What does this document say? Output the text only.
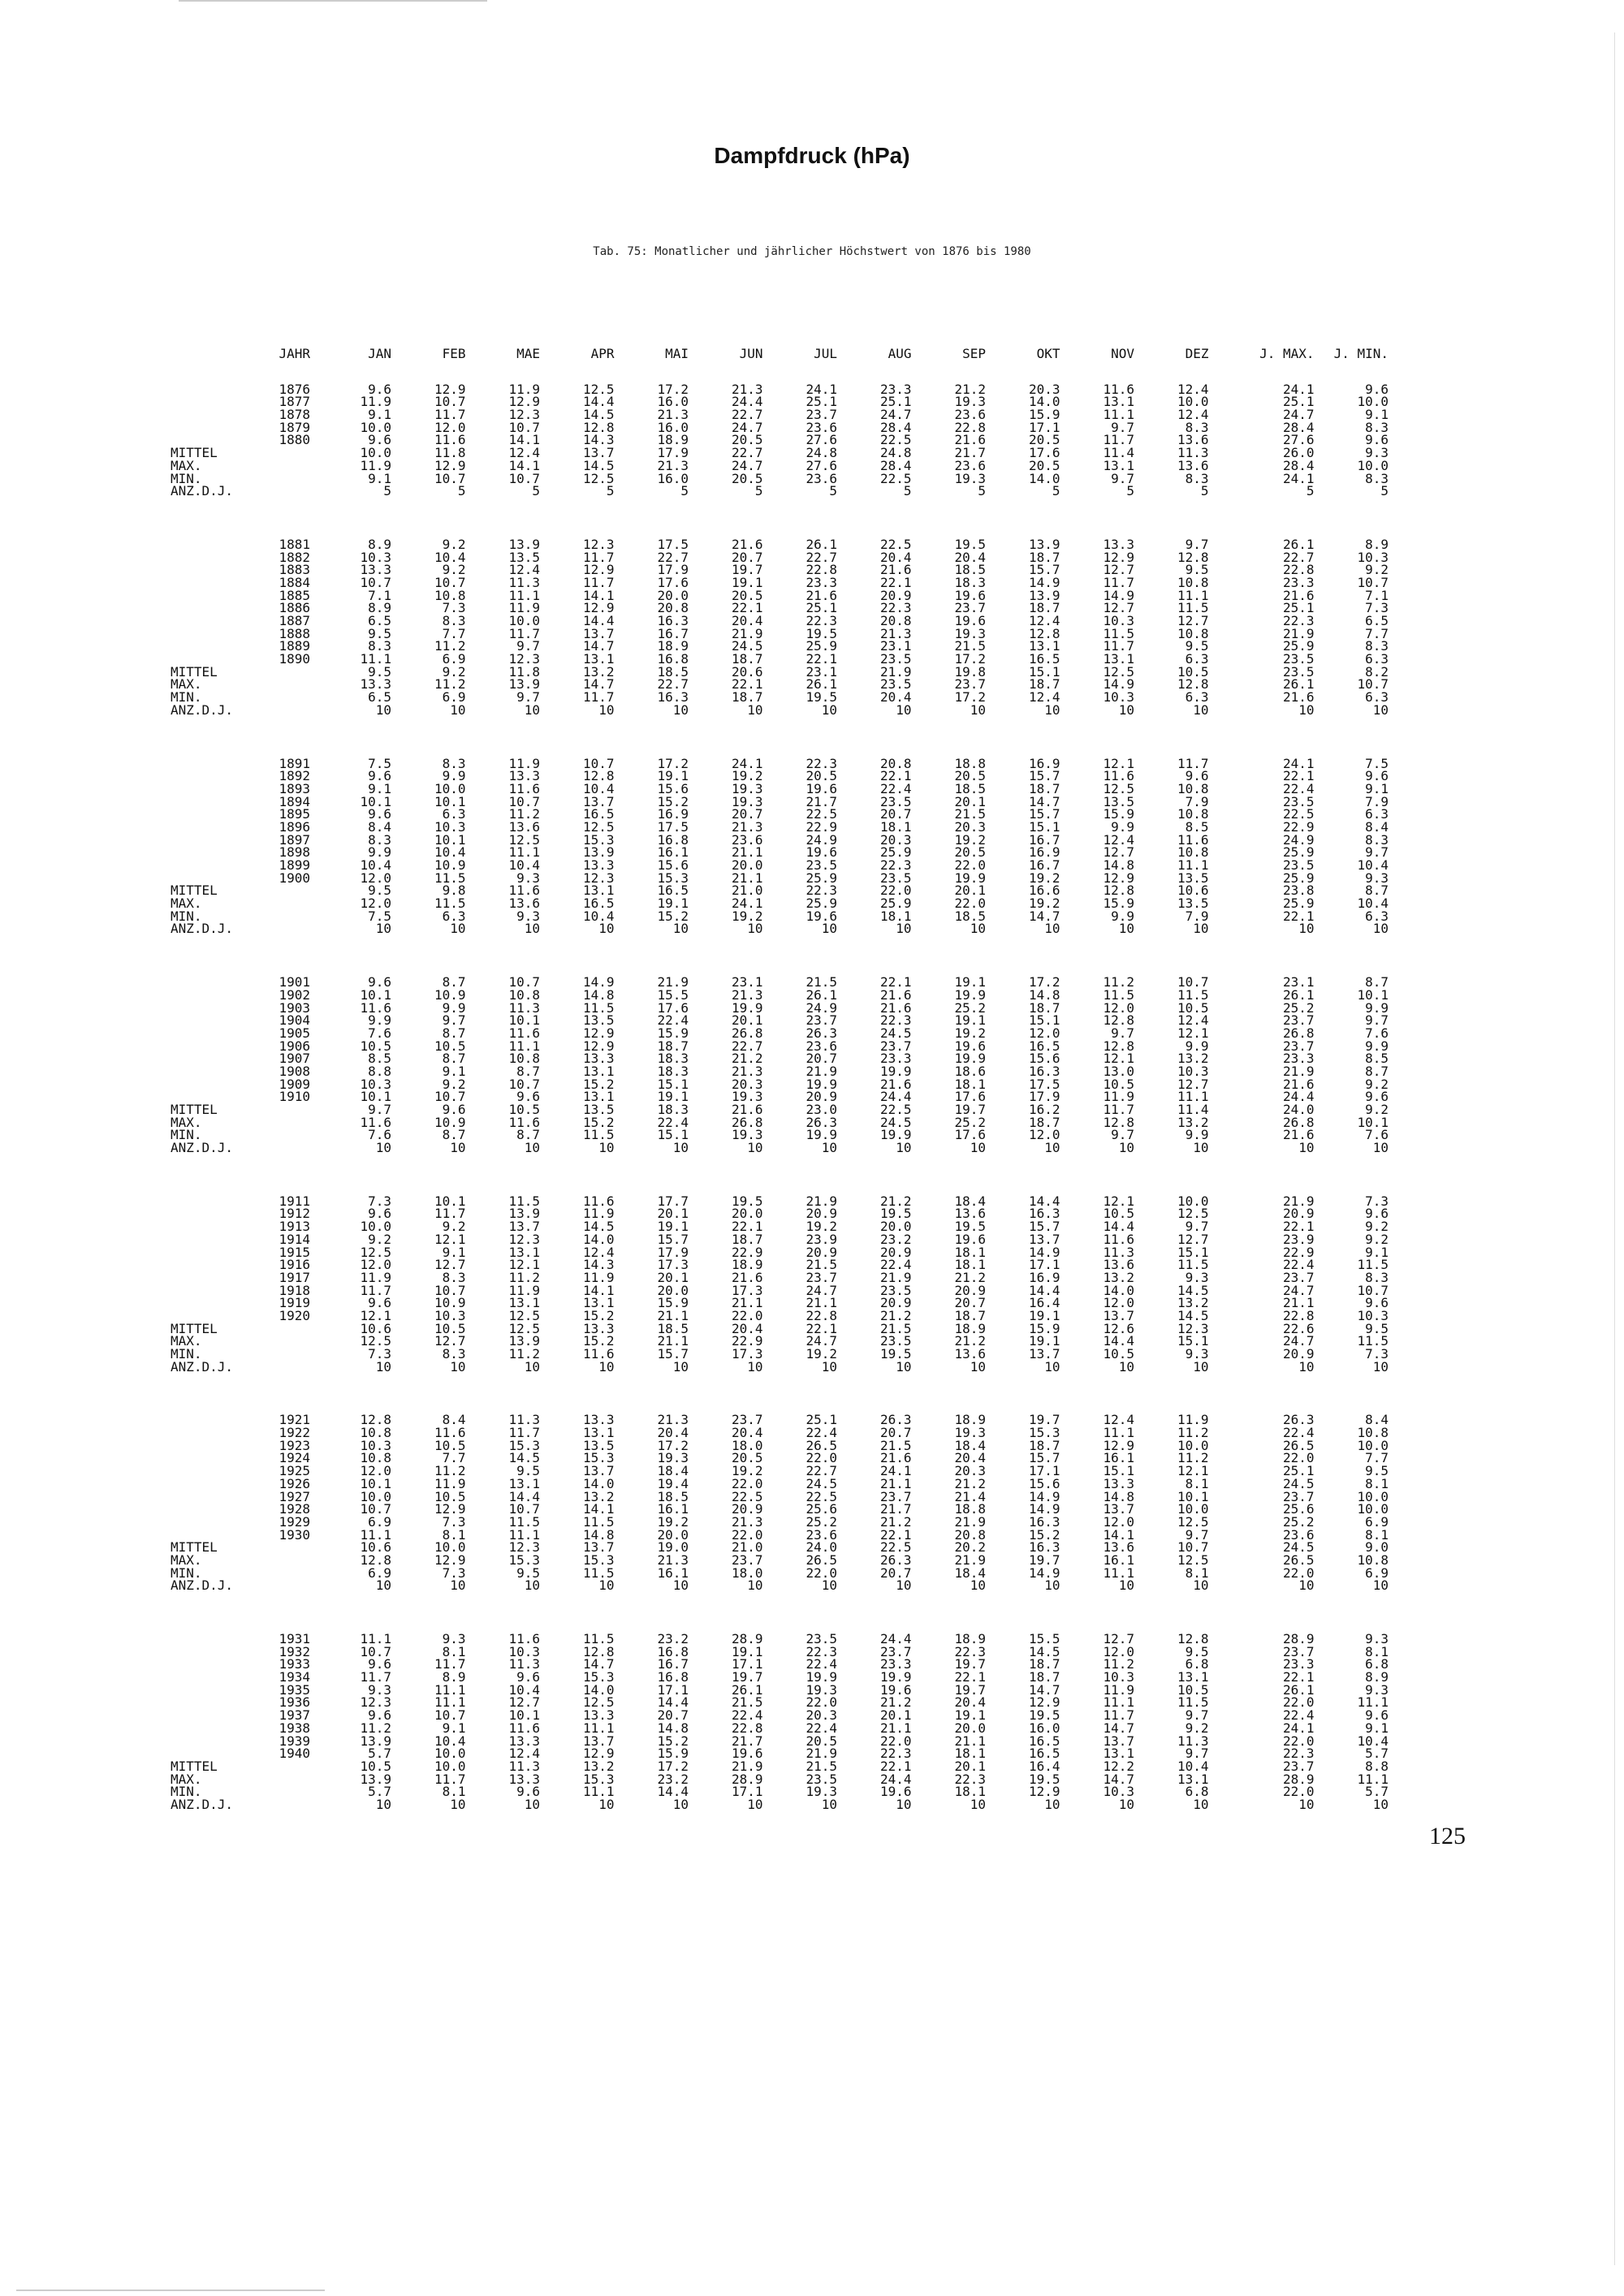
Dampfdruck (hPa)
Tab. 75: Monatlicher und jährlicher Höchstwert von 1876 bis 1980
JAHR	JAN	FEB	MAE	APR	MAI	JUN	JUL	AUG	SEP	OKT	NOV	DEZ	J. MAX.	J. MIN.
1876	9.6	12.9	11.9	12.5	17.2	21.3	24.1	23.3	21.2	20.3	11.6	12.4	24.1	9.6
1877	11.9	10.7	12.9	14.4	16.0	24.4	25.1	25.1	19.3	14.0	13.1	10.0	25.1	10.0
1878	9.1	11.7	12.3	14.5	21.3	22.7	23.7	24.7	23.6	15.9	11.1	12.4	24.7	9.1
1879	10.0	12.0	10.7	12.8	16.0	24.7	23.6	28.4	22.8	17.1	9.7	8.3	28.4	8.3
1880	9.6	11.6	14.1	14.3	18.9	20.5	27.6	22.5	21.6	20.5	11.7	13.6	27.6	9.6
MITTEL	10.0	11.8	12.4	13.7	17.9	22.7	24.8	24.8	21.7	17.6	11.4	11.3	26.0	9.3
MAX.	11.9	12.9	14.1	14.5	21.3	24.7	27.6	28.4	23.6	20.5	13.1	13.6	28.4	10.0
MIN.	9.1	10.7	10.7	12.5	16.0	20.5	23.6	22.5	19.3	14.0	9.7	8.3	24.1	8.3
ANZ.D.J.	5	5	5	5	5	5	5	5	5	5	5	5	5	5
1881	8.9	9.2	13.9	12.3	17.5	21.6	26.1	22.5	19.5	13.9	13.3	9.7	26.1	8.9
1882	10.3	10.4	13.5	11.7	22.7	20.7	22.7	20.4	20.4	18.7	12.9	12.8	22.7	10.3
1883	13.3	9.2	12.4	12.9	17.9	19.7	22.8	21.6	18.5	15.7	12.7	9.5	22.8	9.2
1884	10.7	10.7	11.3	11.7	17.6	19.1	23.3	22.1	18.3	14.9	11.7	10.8	23.3	10.7
1885	7.1	10.8	11.1	14.1	20.0	20.5	21.6	20.9	19.6	13.9	14.9	11.1	21.6	7.1
1886	8.9	7.3	11.9	12.9	20.8	22.1	25.1	22.3	23.7	18.7	12.7	11.5	25.1	7.3
1887	6.5	8.3	10.0	14.4	16.3	20.4	22.3	20.8	19.6	12.4	10.3	12.7	22.3	6.5
1888	9.5	7.7	11.7	13.7	16.7	21.9	19.5	21.3	19.3	12.8	11.5	10.8	21.9	7.7
1889	8.3	11.2	9.7	14.7	18.9	24.5	25.9	23.1	21.5	13.1	11.7	9.5	25.9	8.3
1890	11.1	6.9	12.3	13.1	16.8	18.7	22.1	23.5	17.2	16.5	13.1	6.3	23.5	6.3
MITTEL	9.5	9.2	11.8	13.2	18.5	20.6	23.1	21.9	19.8	15.1	12.5	10.5	23.5	8.2
MAX.	13.3	11.2	13.9	14.7	22.7	22.1	26.1	23.5	23.7	18.7	14.9	12.8	26.1	10.7
MIN.	6.5	6.9	9.7	11.7	16.3	18.7	19.5	20.4	17.2	12.4	10.3	6.3	21.6	6.3
ANZ.D.J.	10	10	10	10	10	10	10	10	10	10	10	10	10	10
1891	7.5	8.3	11.9	10.7	17.2	24.1	22.3	20.8	18.8	16.9	12.1	11.7	24.1	7.5
1892	9.6	9.9	13.3	12.8	19.1	19.2	20.5	22.1	20.5	15.7	11.6	9.6	22.1	9.6
1893	9.1	10.0	11.6	10.4	15.6	19.3	19.6	22.4	18.5	18.7	12.5	10.8	22.4	9.1
1894	10.1	10.1	10.7	13.7	15.2	19.3	21.7	23.5	20.1	14.7	13.5	7.9	23.5	7.9
1895	9.6	6.3	11.2	16.5	16.9	20.7	22.5	20.7	21.5	15.7	15.9	10.8	22.5	6.3
1896	8.4	10.3	13.6	12.5	17.5	21.3	22.9	18.1	20.3	15.1	9.9	8.5	22.9	8.4
1897	8.3	10.1	12.5	15.3	16.8	23.6	24.9	20.3	19.2	16.7	12.4	11.6	24.9	8.3
1898	9.9	10.4	11.1	13.9	16.1	21.1	19.6	25.9	20.5	16.9	12.7	10.8	25.9	9.7
1899	10.4	10.9	10.4	13.3	15.6	20.0	23.5	22.3	22.0	16.7	14.8	11.1	23.5	10.4
1900	12.0	11.5	9.3	12.3	15.3	21.1	25.9	23.5	19.9	19.2	12.9	13.5	25.9	9.3
MITTEL	9.5	9.8	11.6	13.1	16.5	21.0	22.3	22.0	20.1	16.6	12.8	10.6	23.8	8.7
MAX.	12.0	11.5	13.6	16.5	19.1	24.1	25.9	25.9	22.0	19.2	15.9	13.5	25.9	10.4
MIN.	7.5	6.3	9.3	10.4	15.2	19.2	19.6	18.1	18.5	14.7	9.9	7.9	22.1	6.3
ANZ.D.J.	10	10	10	10	10	10	10	10	10	10	10	10	10	10
1901	9.6	8.7	10.7	14.9	21.9	23.1	21.5	22.1	19.1	17.2	11.2	10.7	23.1	8.7
1902	10.1	10.9	10.8	14.8	15.5	21.3	26.1	21.6	19.9	14.8	11.5	11.5	26.1	10.1
1903	11.6	9.9	11.3	11.5	17.6	19.9	24.9	21.6	25.2	18.7	12.0	10.5	25.2	9.9
1904	9.9	9.7	10.1	13.5	22.4	20.1	23.7	22.3	19.1	15.1	12.8	12.4	23.7	9.7
1905	7.6	8.7	11.6	12.9	15.9	26.8	26.3	24.5	19.2	12.0	9.7	12.1	26.8	7.6
1906	10.5	10.5	11.1	12.9	18.7	22.7	23.6	23.7	19.6	16.5	12.8	9.9	23.7	9.9
1907	8.5	8.7	10.8	13.3	18.3	21.2	20.7	23.3	19.9	15.6	12.1	13.2	23.3	8.5
1908	8.8	9.1	8.7	13.1	18.3	21.3	21.9	19.9	18.6	16.3	13.0	10.3	21.9	8.7
1909	10.3	9.2	10.7	15.2	15.1	20.3	19.9	21.6	18.1	17.5	10.5	12.7	21.6	9.2
1910	10.1	10.7	9.6	13.1	19.1	19.3	20.9	24.4	17.6	17.9	11.9	11.1	24.4	9.6
MITTEL	9.7	9.6	10.5	13.5	18.3	21.6	23.0	22.5	19.7	16.2	11.7	11.4	24.0	9.2
MAX.	11.6	10.9	11.6	15.2	22.4	26.8	26.3	24.5	25.2	18.7	12.8	13.2	26.8	10.1
MIN.	7.6	8.7	8.7	11.5	15.1	19.3	19.9	19.9	17.6	12.0	9.7	9.9	21.6	7.6
ANZ.D.J.	10	10	10	10	10	10	10	10	10	10	10	10	10	10
1911	7.3	10.1	11.5	11.6	17.7	19.5	21.9	21.2	18.4	14.4	12.1	10.0	21.9	7.3
1912	9.6	11.7	13.9	11.9	20.1	20.0	20.9	19.5	13.6	16.3	10.5	12.5	20.9	9.6
1913	10.0	9.2	13.7	14.5	19.1	22.1	19.2	20.0	19.5	15.7	14.4	9.7	22.1	9.2
1914	9.2	12.1	12.3	14.0	15.7	18.7	23.9	23.2	19.6	13.7	11.6	12.7	23.9	9.2
1915	12.5	9.1	13.1	12.4	17.9	22.9	20.9	20.9	18.1	14.9	11.3	15.1	22.9	9.1
1916	12.0	12.7	12.1	14.3	17.3	18.9	21.5	22.4	18.1	17.1	13.6	11.5	22.4	11.5
1917	11.9	8.3	11.2	11.9	20.1	21.6	23.7	21.9	21.2	16.9	13.2	9.3	23.7	8.3
1918	11.7	10.7	11.9	14.1	20.0	17.3	24.7	23.5	20.9	14.4	14.0	14.5	24.7	10.7
1919	9.6	10.9	13.1	13.1	15.9	21.1	21.1	20.9	20.7	16.4	12.0	13.2	21.1	9.6
1920	12.1	10.3	12.5	15.2	21.1	22.0	22.8	21.2	18.7	19.1	13.7	14.5	22.8	10.3
MITTEL	10.6	10.5	12.5	13.3	18.5	20.4	22.1	21.5	18.9	15.9	12.6	12.3	22.6	9.5
MAX.	12.5	12.7	13.9	15.2	21.1	22.9	24.7	23.5	21.2	19.1	14.4	15.1	24.7	11.5
MIN.	7.3	8.3	11.2	11.6	15.7	17.3	19.2	19.5	13.6	13.7	10.5	9.3	20.9	7.3
ANZ.D.J.	10	10	10	10	10	10	10	10	10	10	10	10	10	10
1921	12.8	8.4	11.3	13.3	21.3	23.7	25.1	26.3	18.9	19.7	12.4	11.9	26.3	8.4
1922	10.8	11.6	11.7	13.1	20.4	20.4	22.4	20.7	19.3	15.3	11.1	11.2	22.4	10.8
1923	10.3	10.5	15.3	13.5	17.2	18.0	26.5	21.5	18.4	18.7	12.9	10.0	26.5	10.0
1924	10.8	7.7	14.5	15.3	19.3	20.5	22.0	21.6	20.4	15.7	16.1	11.2	22.0	7.7
1925	12.0	11.2	9.5	13.7	18.4	19.2	22.7	24.1	20.3	17.1	15.1	12.1	25.1	9.5
1926	10.1	11.9	13.1	14.0	19.4	22.0	24.5	21.1	21.2	15.6	13.3	8.1	24.5	8.1
1927	10.0	10.5	14.4	13.2	18.5	22.5	22.5	23.7	21.4	14.9	14.8	10.1	23.7	10.0
1928	10.7	12.9	10.7	14.1	16.1	20.9	25.6	21.7	18.8	14.9	13.7	10.0	25.6	10.0
1929	6.9	7.3	11.5	11.5	19.2	21.3	25.2	21.2	21.9	16.3	12.0	12.5	25.2	6.9
1930	11.1	8.1	11.1	14.8	20.0	22.0	23.6	22.1	20.8	15.2	14.1	9.7	23.6	8.1
MITTEL	10.6	10.0	12.3	13.7	19.0	21.0	24.0	22.5	20.2	16.3	13.6	10.7	24.5	9.0
MAX.	12.8	12.9	15.3	15.3	21.3	23.7	26.5	26.3	21.9	19.7	16.1	12.5	26.5	10.8
MIN.	6.9	7.3	9.5	11.5	16.1	18.0	22.0	20.7	18.4	14.9	11.1	8.1	22.0	6.9
ANZ.D.J.	10	10	10	10	10	10	10	10	10	10	10	10	10	10
1931	11.1	9.3	11.6	11.5	23.2	28.9	23.5	24.4	18.9	15.5	12.7	12.8	28.9	9.3
1932	10.7	8.1	10.3	12.8	16.8	19.1	22.3	23.7	22.3	14.5	12.0	9.5	23.7	8.1
1933	9.6	11.7	11.3	14.7	16.7	17.1	22.4	23.3	19.7	18.7	11.2	6.8	23.3	6.8
1934	11.7	8.9	9.6	15.3	16.8	19.7	19.9	19.9	22.1	18.7	10.3	13.1	22.1	8.9
1935	9.3	11.1	10.4	14.0	17.1	26.1	19.3	19.6	19.7	14.7	11.9	10.5	26.1	9.3
1936	12.3	11.1	12.7	12.5	14.4	21.5	22.0	21.2	20.4	12.9	11.1	11.5	22.0	11.1
1937	9.6	10.7	10.1	13.3	20.7	22.4	20.3	20.1	19.1	19.5	11.7	9.7	22.4	9.6
1938	11.2	9.1	11.6	11.1	14.8	22.8	22.4	21.1	20.0	16.0	14.7	9.2	24.1	9.1
1939	13.9	10.4	13.3	13.7	15.2	21.7	20.5	22.0	21.1	16.5	13.7	11.3	22.0	10.4
1940	5.7	10.0	12.4	12.9	15.9	19.6	21.9	22.3	18.1	16.5	13.1	9.7	22.3	5.7
MITTEL	10.5	10.0	11.3	13.2	17.2	21.9	21.5	22.1	20.1	16.4	12.2	10.4	23.7	8.8
MAX.	13.9	11.7	13.3	15.3	23.2	28.9	23.5	24.4	22.3	19.5	14.7	13.1	28.9	11.1
MIN.	5.7	8.1	9.6	11.1	14.4	17.1	19.3	19.6	18.1	12.9	10.3	6.8	22.0	5.7
ANZ.D.J.	10	10	10	10	10	10	10	10	10	10	10	10	10	10
125
